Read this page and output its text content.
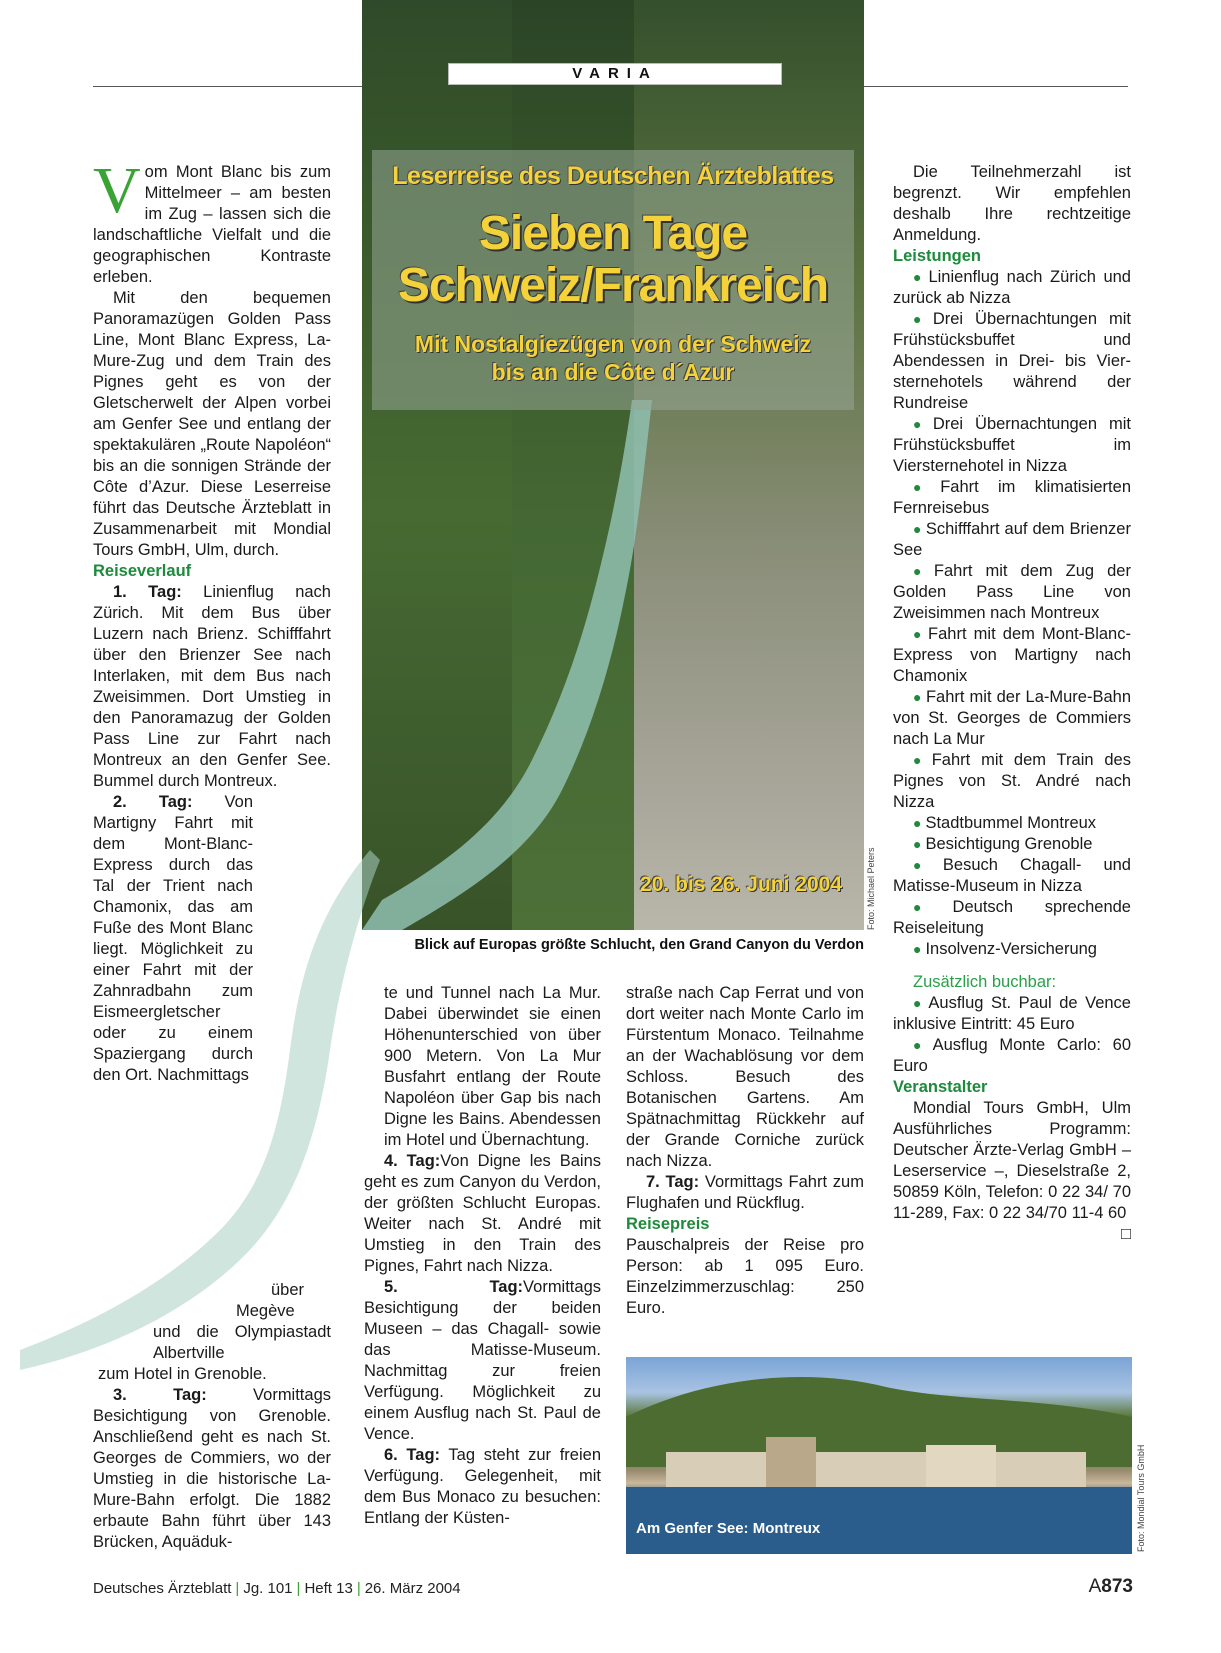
Leserreise des Deutschen Ärzteblattes
Sieben Tage
Schweiz/Frankreich
Mit Nostalgiezügen von der Schweiz
bis an die Côte d´Azur
20. bis 26. Juni 2004	Foto: Michael Peters
VARIA
Blick auf Europas größte Schlucht, den Grand Canyon du Verdon

Vom Mont Blanc bis zum Mittelmeer – am besten im Zug – lassen sich die landschaftliche Vielfalt und die geographischen Kontraste erleben.

Mit den bequemen Panoramazügen Golden Pass Line, Mont Blanc Express, La-Mure-Zug und dem Train des Pignes geht es von der Gletscherwelt der Alpen vorbei am Genfer See und entlang der spektakulären „Route Napoléon“ bis an die sonnigen Strände der Côte d’Azur. Diese Leserreise führt das Deutsche Ärzteblatt in Zusammenarbeit mit Mondial Tours GmbH, Ulm, durch.

Reiseverlauf

1. Tag: Linienflug nach Zürich. Mit dem Bus über Luzern nach Brienz. Schifffahrt über den Brienzer See nach Interlaken, mit dem Bus nach Zweisimmen. Dort Umstieg in den Panoramazug der Golden Pass Line zur Fahrt nach Montreux an den Genfer See. Bummel durch Montreux.

2. Tag: Von Martigny Fahrt mit dem Mont-Blanc-Express durch das Tal der Trient nach Chamonix, das am Fuße des Mont Blanc liegt. Möglichkeit zu einer Fahrt mit der Zahnradbahn zum Eismeergletscher oder zu einem Spaziergang durch den Ort. Nachmittags

über

Megève

und die Olympiastadt Albertville

zum Hotel in Grenoble.

3. Tag:	Vormittags Besichtigung von Grenoble. Anschließend geht es nach St. Georges de Commiers, wo der Umstieg in die historische La-Mure-Bahn erfolgt. Die 1882 erbaute Bahn führt über 143 Brücken, Aquäduk-

te und Tunnel nach La Mur. Dabei überwindet sie einen Höhenunterschied von über 900 Metern. Von La Mur Busfahrt entlang der Route Napoléon über Gap bis nach Digne les Bains. Abendessen im Hotel und Übernachtung.

4. Tag:Von Digne les Bains geht es zum Canyon du Verdon, der größten Schlucht Europas. Weiter nach St. André mit Umstieg in den Train des Pignes, Fahrt nach Nizza.

5. Tag:Vormittags Besichtigung der beiden Museen – das Chagall- sowie das Matisse-Museum. Nachmittag zur freien Verfügung. Möglichkeit zu einem Ausflug nach St. Paul de Vence.

6. Tag: Tag steht zur freien Verfügung. Gelegenheit, mit dem Bus Monaco zu besuchen: Entlang der Küsten-

straße nach Cap Ferrat und von dort weiter nach Monte Carlo im Fürstentum Monaco. Teilnahme an der Wachablösung vor dem Schloss. Besuch des Botanischen Gartens. Am Spätnachmittag Rückkehr auf der Grande Corniche zurück nach Nizza.

7. Tag: Vormittags Fahrt zum Flughafen und Rückflug.

Reisepreis

Pauschalpreis der Reise pro Person: ab 1 095 Euro. Einzelzimmerzuschlag: 250 Euro.

Die Teilnehmerzahl ist begrenzt. Wir empfehlen deshalb Ihre rechtzeitige Anmeldung.

Leistungen

● Linienflug nach Zürich und zurück ab Nizza

● Drei Übernachtungen mit Frühstücksbuffet und Abendessen in Drei- bis Vier-sternehotels während der Rundreise

● Drei Übernachtungen mit Frühstücksbuffet im Viersternehotel in Nizza

● Fahrt im klimatisierten Fernreisebus

● Schifffahrt auf dem Brienzer See

● Fahrt mit dem Zug der Golden Pass Line von Zweisimmen nach Montreux

● Fahrt mit dem Mont-Blanc-Express von Martigny nach Chamonix

● Fahrt mit der La-Mure-Bahn von St. Georges de Commiers nach La Mur

● Fahrt mit dem Train des Pignes von St. André nach Nizza

● Stadtbummel Montreux

● Besichtigung Grenoble

● Besuch Chagall- und Matisse-Museum in Nizza

● Deutsch sprechende Reiseleitung

● Insolvenz-Versicherung

Zusätzlich buchbar:

● Ausflug St. Paul de Vence inklusive Eintritt: 45 Euro

● Ausflug Monte Carlo: 60 Euro

Veranstalter

Mondial Tours GmbH, Ulm Ausführliches Programm: Deutscher Ärzte-Verlag GmbH – Leserservice –, Dieselstraße 2, 50859 Köln, Telefon: 0 22 34/ 70 11-289, Fax: 0 22 34/70 11-4 60
□

Am Genfer See: Montreux	Foto: Mondial Tours GmbH
Deutsches Ärzteblatt | Jg. 101 | Heft 13 | 26. März 2004	A873
